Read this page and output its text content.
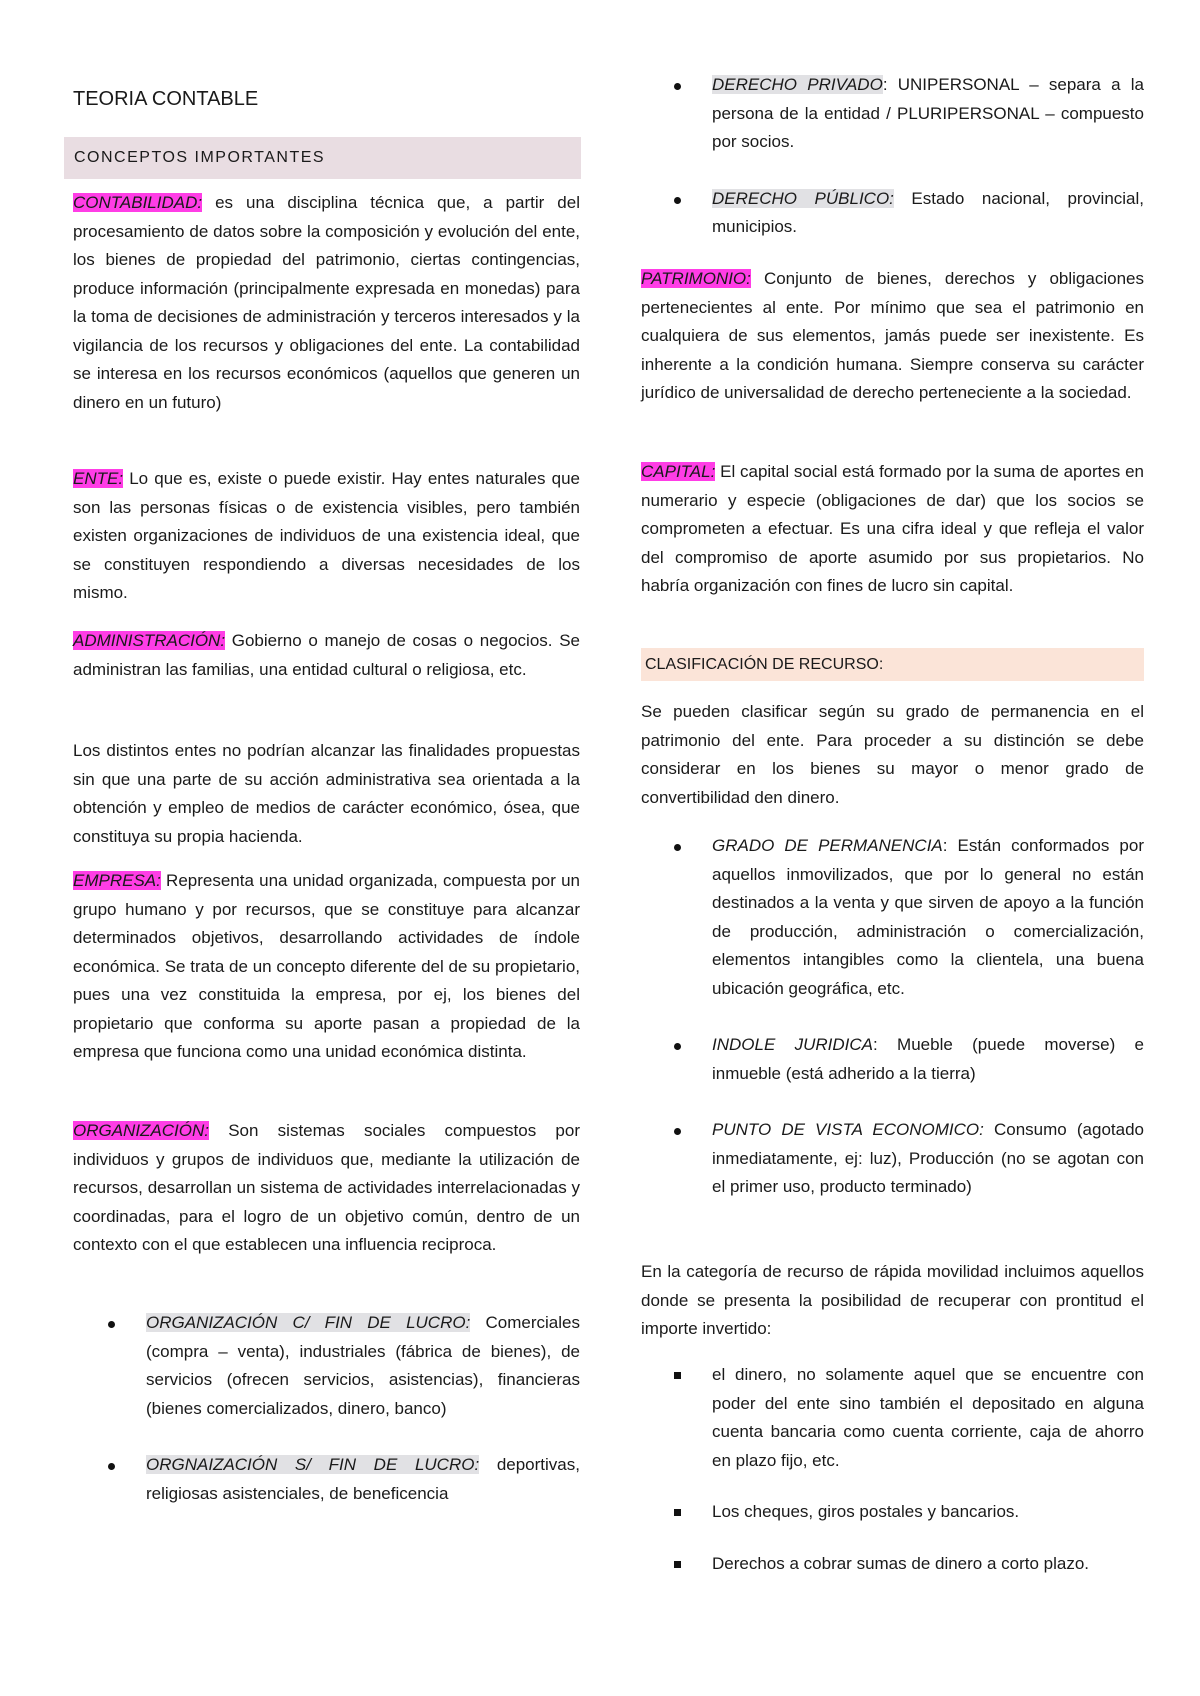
TEORIA CONTABLE
CONCEPTOS IMPORTANTES

CONTABILIDAD: es una disciplina técnica que, a partir del procesamiento de datos sobre la composición y evolución del ente, los bienes de propiedad del patrimonio, ciertas contingencias, produce información (principalmente expresada en monedas) para la toma de decisiones de administración y terceros interesados y la vigilancia de los recursos y obligaciones del ente. La contabilidad se interesa en los recursos económicos (aquellos que generen un dinero en un futuro)

ENTE: Lo que es, existe o puede existir. Hay entes naturales que son las personas físicas o de existencia visibles, pero también existen organizaciones de individuos de una existencia ideal, que se constituyen respondiendo a diversas necesidades de los mismo.

ADMINISTRACIÓN: Gobierno o manejo de cosas o negocios. Se administran las familias, una entidad cultural o religiosa, etc.

Los distintos entes no podrían alcanzar las finalidades propuestas sin que una parte de su acción administrativa sea orientada a la obtención y empleo de medios de carácter económico, ósea, que constituya su propia hacienda.

EMPRESA: Representa una unidad organizada, compuesta por un grupo humano y por recursos, que se constituye para alcanzar determinados objetivos, desarrollando actividades de índole económica. Se trata de un concepto diferente del de su propietario, pues una vez constituida la empresa, por ej, los bienes del propietario que conforma su aporte pasan a propiedad de la empresa que funciona como una unidad económica distinta.

ORGANIZACIÓN: Son sistemas sociales compuestos por individuos y grupos de individuos que, mediante la utilización de recursos, desarrollan un sistema de actividades interrelacionadas y coordinadas, para el logro de un objetivo común, dentro de un contexto con el que establecen una influencia reciproca.

ORGANIZACIÓN C/ FIN DE LUCRO: Comerciales (compra – venta), industriales (fábrica de bienes), de servicios (ofrecen servicios, asistencias), financieras (bienes comercializados, dinero, banco)
ORGNAIZACIÓN S/ FIN DE LUCRO: deportivas, religiosas asistenciales, de beneficencia
DERECHO PRIVADO: UNIPERSONAL – separa a la persona de la entidad / PLURIPERSONAL – compuesto por socios.
DERECHO PÚBLICO: Estado nacional, provincial, municipios.

PATRIMONIO: Conjunto de bienes, derechos y obligaciones pertenecientes al ente. Por mínimo que sea el patrimonio en cualquiera de sus elementos, jamás puede ser inexistente. Es inherente a la condición humana. Siempre conserva su carácter jurídico de universalidad de derecho perteneciente a la sociedad.

CAPITAL: El capital social está formado por la suma de aportes en numerario y especie (obligaciones de dar) que los socios se comprometen a efectuar. Es una cifra ideal y que refleja el valor del compromiso de aporte asumido por sus propietarios. No habría organización con fines de lucro sin capital.

CLASIFICACIÓN DE RECURSO:

Se pueden clasificar según su grado de permanencia en el patrimonio del ente. Para proceder a su distinción se debe considerar en los bienes su mayor o menor grado de convertibilidad den dinero.

GRADO DE PERMANENCIA: Están conformados por aquellos inmovilizados, que por lo general no están destinados a la venta y que sirven de apoyo a la función de producción, administración o comercialización, elementos intangibles como la clientela, una buena ubicación geográfica, etc.
INDOLE JURIDICA: Mueble (puede moverse) e inmueble (está adherido a la tierra)
PUNTO DE VISTA ECONOMICO: Consumo (agotado inmediatamente, ej: luz), Producción (no se agotan con el primer uso, producto terminado)

En la categoría de recurso de rápida movilidad incluimos aquellos donde se presenta la posibilidad de recuperar con prontitud el importe invertido:

el dinero, no solamente aquel que se encuentre con poder del ente sino también el depositado en alguna cuenta bancaria como cuenta corriente, caja de ahorro en plazo fijo, etc.
Los cheques, giros postales y bancarios.
Derechos a cobrar sumas de dinero a corto plazo.
